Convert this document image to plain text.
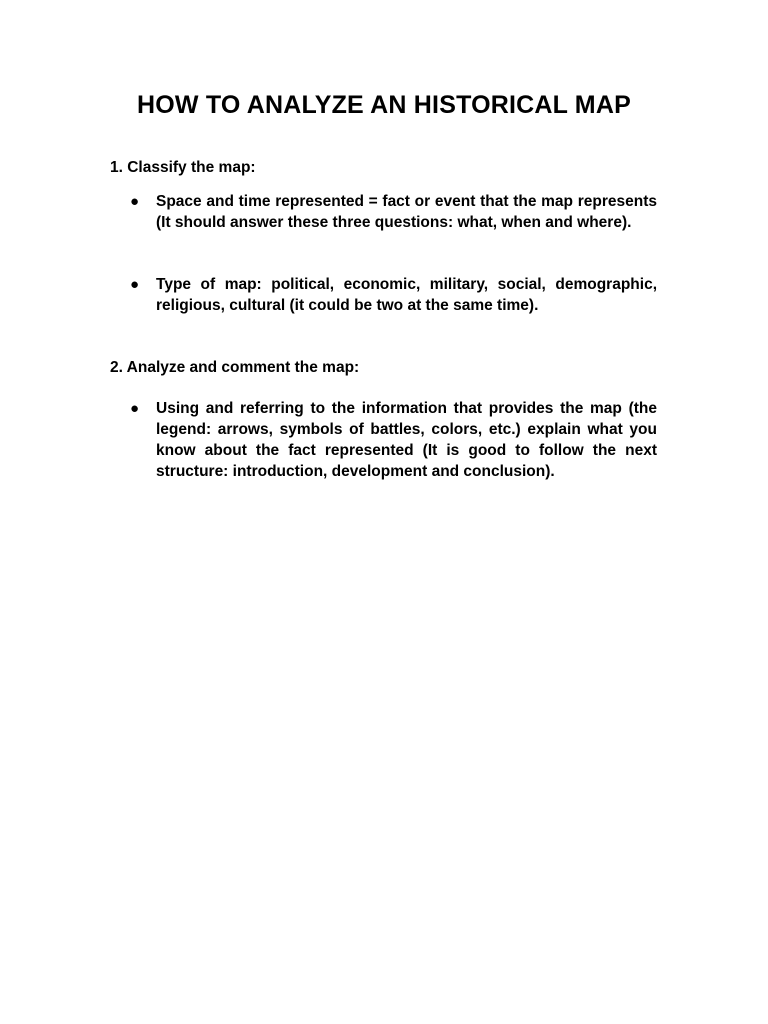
HOW TO ANALYZE AN HISTORICAL MAP

1. Classify the map:

●	Space and time represented = fact or event that the map represents (It should answer these three questions: what, when and where).

●	Type of map: political, economic, military, social, demographic, religious, cultural (it could be two at the same time).

2. Analyze and comment the map:

●	Using and referring to the information that provides the map (the legend: arrows, symbols of battles, colors, etc.) explain what you know about the fact represented (It is good to follow the next structure: introduction, development and conclusion).
